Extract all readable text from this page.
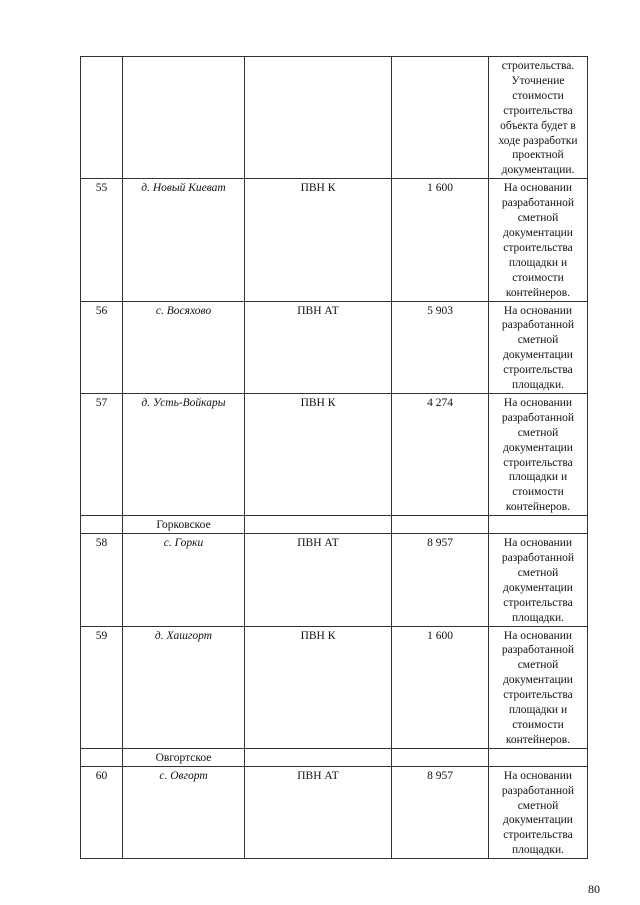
				строительства. Уточнение стоимости строительства объекта будет в ходе разработки проектной документации.
55	д. Новый Киеват	ПВН К	1 600	На основании разработанной сметной документации строительства площадки и стоимости контейнеров.
56	с. Восяхово	ПВН АТ	5 903	На основании разработанной сметной документации строительства площадки.
57	д. Усть-Войкары	ПВН К	4 274	На основании разработанной сметной документации строительства площадки и стоимости контейнеров.
	Горковское			
58	с. Горки	ПВН АТ	8 957	На основании разработанной сметной документации строительства площадки.
59	д. Хашгорт	ПВН К	1 600	На основании разработанной сметной документации строительства площадки и стоимости контейнеров.
	Овгортское			
60	с. Овгорт	ПВН АТ	8 957	На основании разработанной сметной документации строительства площадки.
80
